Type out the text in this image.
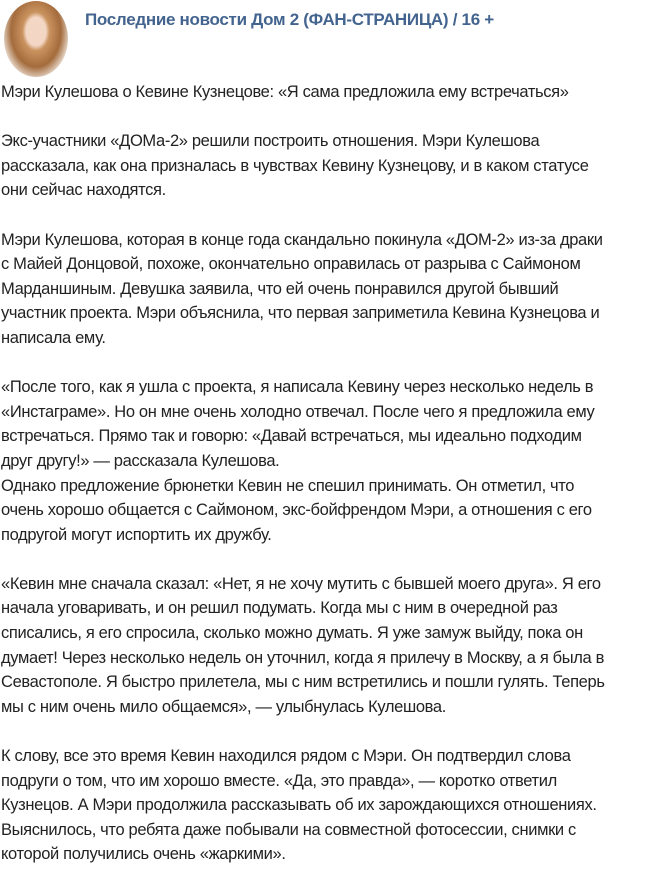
Последние новости Дом 2 (ФАН-СТРАНИЦА) / 16 +
Мэри Кулешова о Кевине Кузнецове: «Я сама предложила ему встречаться»
Экс-участники «ДОМа-2» решили построить отношения. Мэри Кулешова
рассказала, как она призналась в чувствах Кевину Кузнецову, и в каком статусе
они сейчас находятся.
Мэри Кулешова, которая в конце года скандально покинула «ДОМ-2» из-за драки
с Майей Донцовой, похоже, окончательно оправилась от разрыва с Саймоном
Марданшиным. Девушка заявила, что ей очень понравился другой бывший
участник проекта. Мэри объяснила, что первая заприметила Кевина Кузнецова и
написала ему.
«После того, как я ушла с проекта, я написала Кевину через несколько недель в
«Инстаграме». Но он мне очень холодно отвечал. После чего я предложила ему
встречаться. Прямо так и говорю: «Давай встречаться, мы идеально подходим
друг другу!» — рассказала Кулешова.
Однако предложение брюнетки Кевин не спешил принимать. Он отметил, что
очень хорошо общается с Саймоном, экс-бойфрендом Мэри, а отношения с его
подругой могут испортить их дружбу.
«Кевин мне сначала сказал: «Нет, я не хочу мутить с бывшей моего друга». Я его
начала уговаривать, и он решил подумать. Когда мы с ним в очередной раз
списались, я его спросила, сколько можно думать. Я уже замуж выйду, пока он
думает! Через несколько недель он уточнил, когда я прилечу в Москву, а я была в
Севастополе. Я быстро прилетела, мы с ним встретились и пошли гулять. Теперь
мы с ним очень мило общаемся», — улыбнулась Кулешова.
К слову, все это время Кевин находился рядом с Мэри. Он подтвердил слова
подруги о том, что им хорошо вместе. «Да, это правда», — коротко ответил
Кузнецов. А Мэри продолжила рассказывать об их зарождающихся отношениях.
Выяснилось, что ребята даже побывали на совместной фотосессии, снимки с
которой получились очень «жаркими».
